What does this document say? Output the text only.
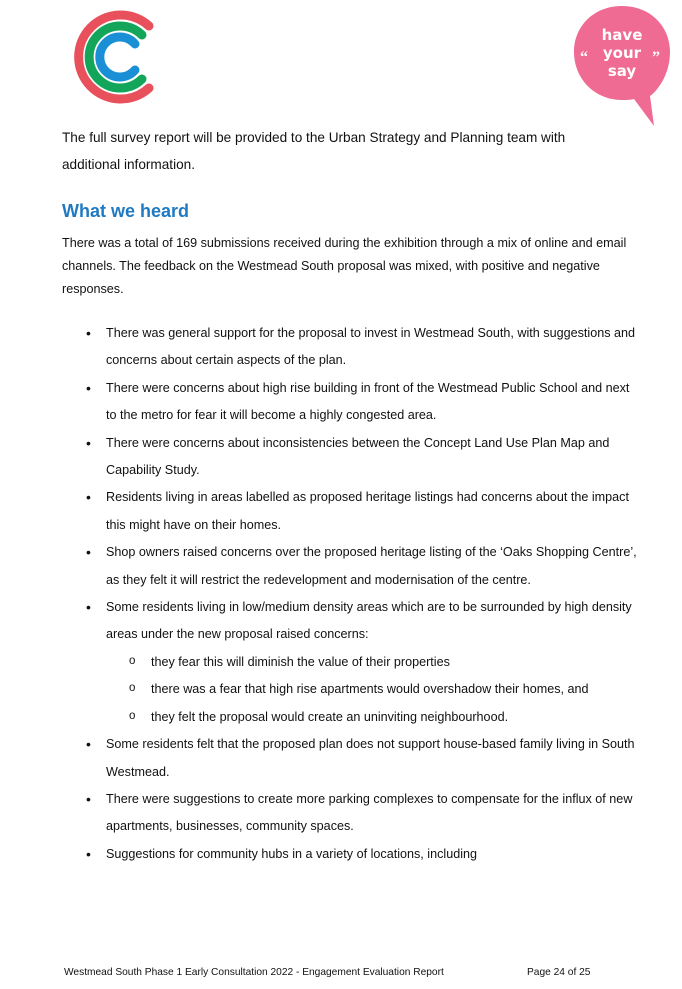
“	”
have
your
say

The full survey report will be provided to the Urban Strategy and Planning team with additional information.

What we heard

There was a total of 169 submissions received during the exhibition through a mix of online and email channels. The feedback on the Westmead South proposal was mixed, with positive and negative responses.

• There was general support for the proposal to invest in Westmead South, with suggestions and concerns about certain aspects of the plan.
• There were concerns about high rise building in front of the Westmead Public School and next to the metro for fear it will become a highly congested area.
• There were concerns about inconsistencies between the Concept Land Use Plan Map and Capability Study.
• Residents living in areas labelled as proposed heritage listings had concerns about the impact this might have on their homes.
• Shop owners raised concerns over the proposed heritage listing of the ‘Oaks Shopping Centre’, as they felt it will restrict the redevelopment and modernisation of the centre.
• Some residents living in low/medium density areas which are to be surrounded by high density areas under the new proposal raised concerns:
o they fear this will diminish the value of their properties
o there was a fear that high rise apartments would overshadow their homes, and
o they felt the proposal would create an uninviting neighbourhood.
• Some residents felt that the proposed plan does not support house-based family living in South Westmead.
• There were suggestions to create more parking complexes to compensate for the influx of new apartments, businesses, community spaces.
• Suggestions for community hubs in a variety of locations, including
Westmead South Phase 1 Early Consultation 2022 - Engagement Evaluation Report	Page 24 of 25
